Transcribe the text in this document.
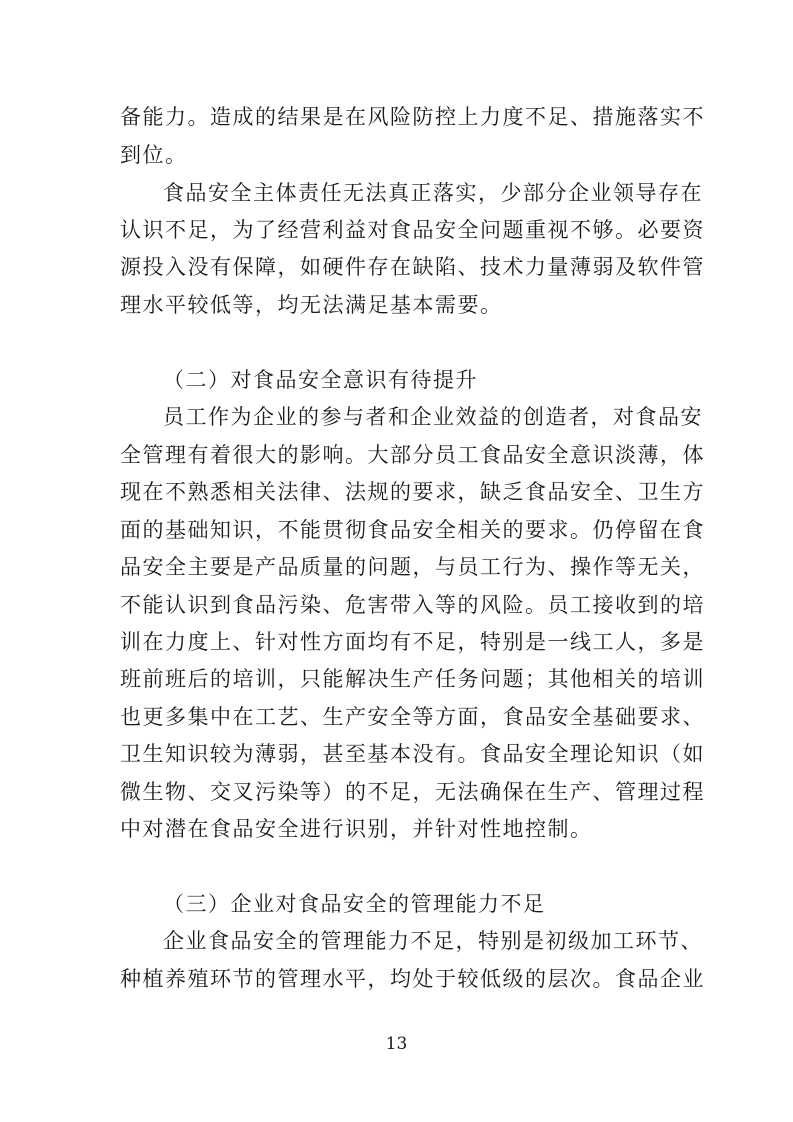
备能力。造成的结果是在风险防控上力度不足、措施落实不
到位。
食品安全主体责任无法真正落实，少部分企业领导存在
认识不足，为了经营利益对食品安全问题重视不够。必要资
源投入没有保障，如硬件存在缺陷、技术力量薄弱及软件管
理水平较低等，均无法满足基本需要。
（二）对食品安全意识有待提升
员工作为企业的参与者和企业效益的创造者，对食品安
全管理有着很大的影响。大部分员工食品安全意识淡薄，体
现在不熟悉相关法律、法规的要求，缺乏食品安全、卫生方
面的基础知识，不能贯彻食品安全相关的要求。仍停留在食
品安全主要是产品质量的问题，与员工行为、操作等无关，
不能认识到食品污染、危害带入等的风险。员工接收到的培
训在力度上、针对性方面均有不足，特别是一线工人，多是
班前班后的培训，只能解决生产任务问题；其他相关的培训
也更多集中在工艺、生产安全等方面，食品安全基础要求、
卫生知识较为薄弱，甚至基本没有。食品安全理论知识（如
微生物、交叉污染等）的不足，无法确保在生产、管理过程
中对潜在食品安全进行识别，并针对性地控制。
（三）企业对食品安全的管理能力不足
企业食品安全的管理能力不足，特别是初级加工环节、
种植养殖环节的管理水平，均处于较低级的层次。食品企业
13
